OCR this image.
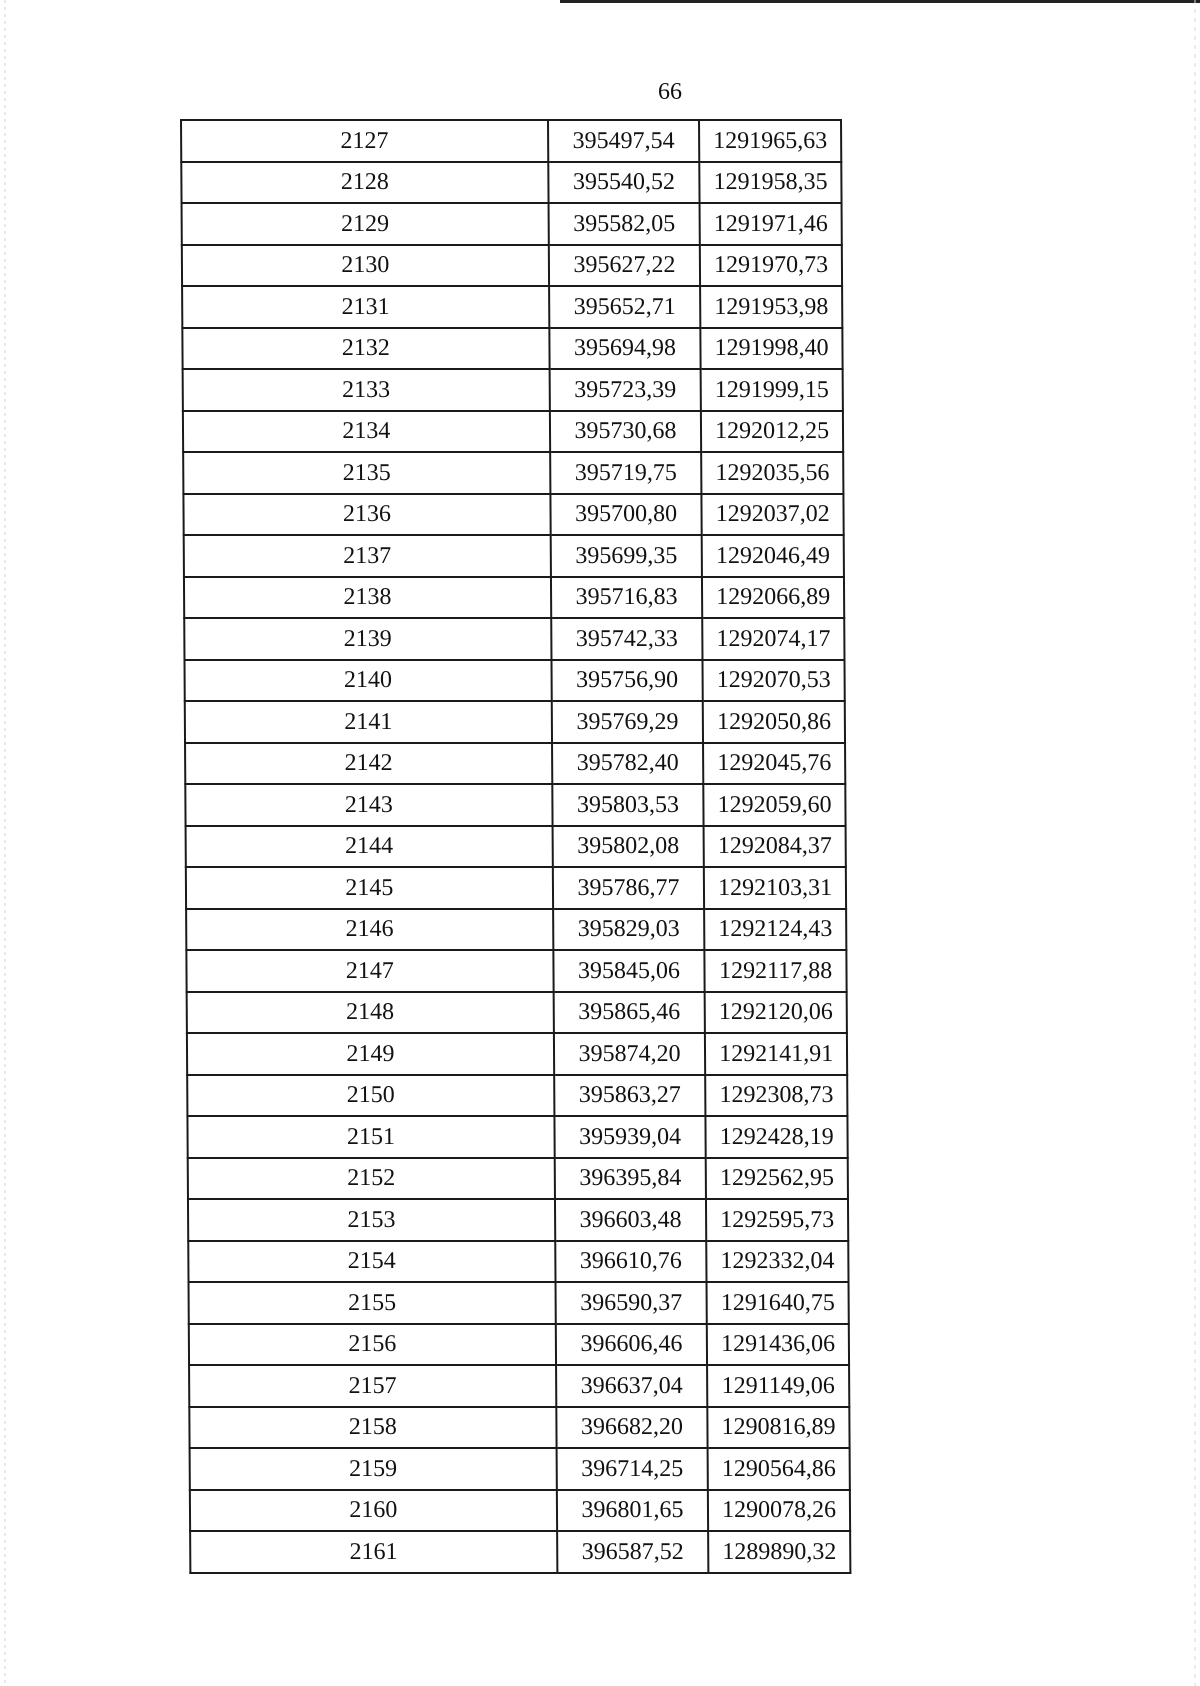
66
2127	395497,54	1291965,63
2128	395540,52	1291958,35
2129	395582,05	1291971,46
2130	395627,22	1291970,73
2131	395652,71	1291953,98
2132	395694,98	1291998,40
2133	395723,39	1291999,15
2134	395730,68	1292012,25
2135	395719,75	1292035,56
2136	395700,80	1292037,02
2137	395699,35	1292046,49
2138	395716,83	1292066,89
2139	395742,33	1292074,17
2140	395756,90	1292070,53
2141	395769,29	1292050,86
2142	395782,40	1292045,76
2143	395803,53	1292059,60
2144	395802,08	1292084,37
2145	395786,77	1292103,31
2146	395829,03	1292124,43
2147	395845,06	1292117,88
2148	395865,46	1292120,06
2149	395874,20	1292141,91
2150	395863,27	1292308,73
2151	395939,04	1292428,19
2152	396395,84	1292562,95
2153	396603,48	1292595,73
2154	396610,76	1292332,04
2155	396590,37	1291640,75
2156	396606,46	1291436,06
2157	396637,04	1291149,06
2158	396682,20	1290816,89
2159	396714,25	1290564,86
2160	396801,65	1290078,26
2161	396587,52	1289890,32
